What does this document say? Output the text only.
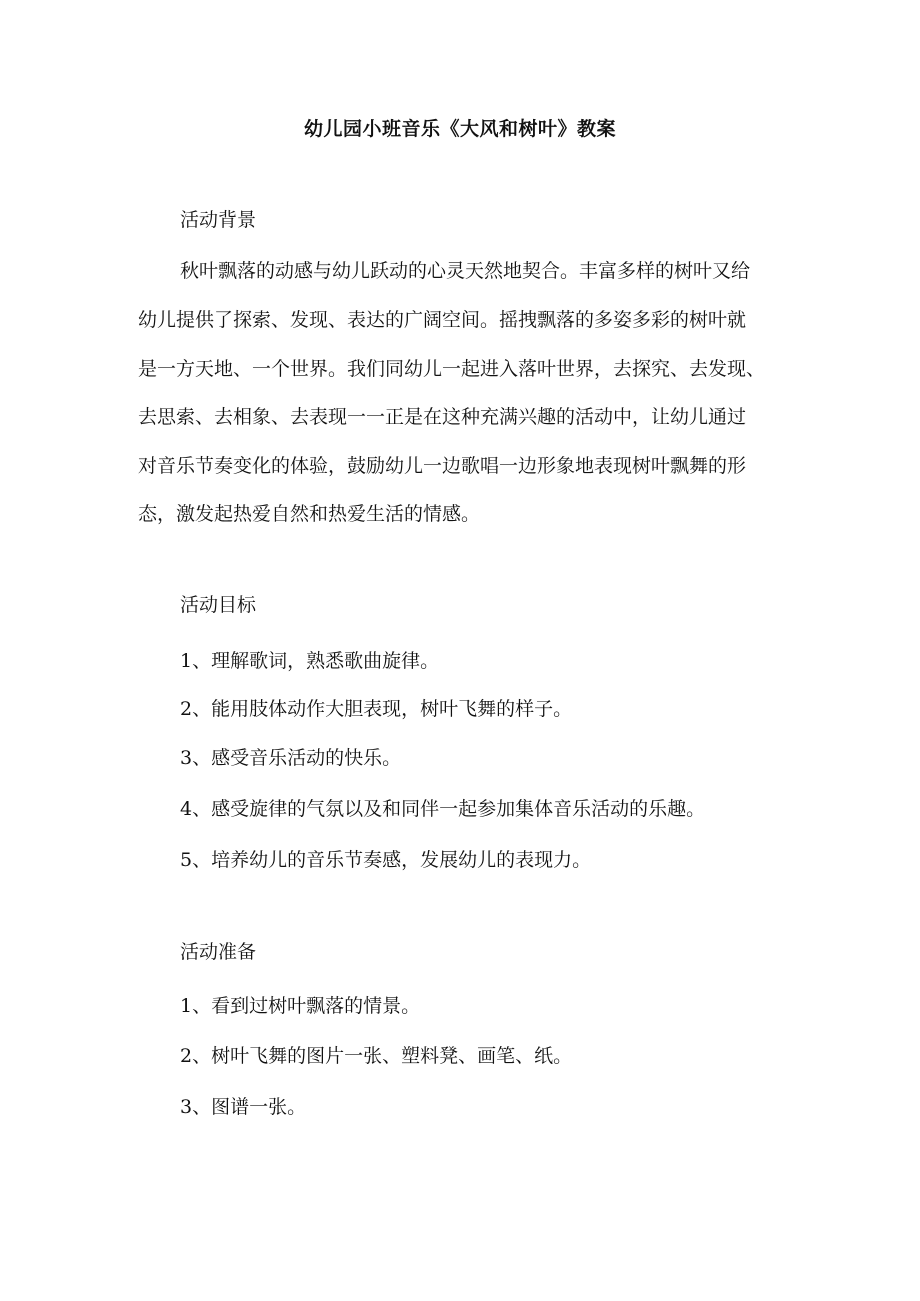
幼儿园小班音乐《大风和树叶》教案
活动背景
秋叶飘落的动感与幼儿跃动的心灵天然地契合。丰富多样的树叶又给
幼儿提供了探索、发现、表达的广阔空间。摇拽飘落的多姿多彩的树叶就
是一方天地、一个世界。我们同幼儿一起进入落叶世界，去探究、去发现、
去思索、去相象、去表现一一正是在这种充满兴趣的活动中，让幼儿通过
对音乐节奏变化的体验，鼓励幼儿一边歌唱一边形象地表现树叶飘舞的形
态，激发起热爱自然和热爱生活的情感。
活动目标
1、理解歌词，熟悉歌曲旋律。
2、能用肢体动作大胆表现，树叶飞舞的样子。
3、感受音乐活动的快乐。
4、感受旋律的气氛以及和同伴一起参加集体音乐活动的乐趣。
5、培养幼儿的音乐节奏感，发展幼儿的表现力。
活动准备
1、看到过树叶飘落的情景。
2、树叶飞舞的图片一张、塑料凳、画笔、纸。
3、图谱一张。
